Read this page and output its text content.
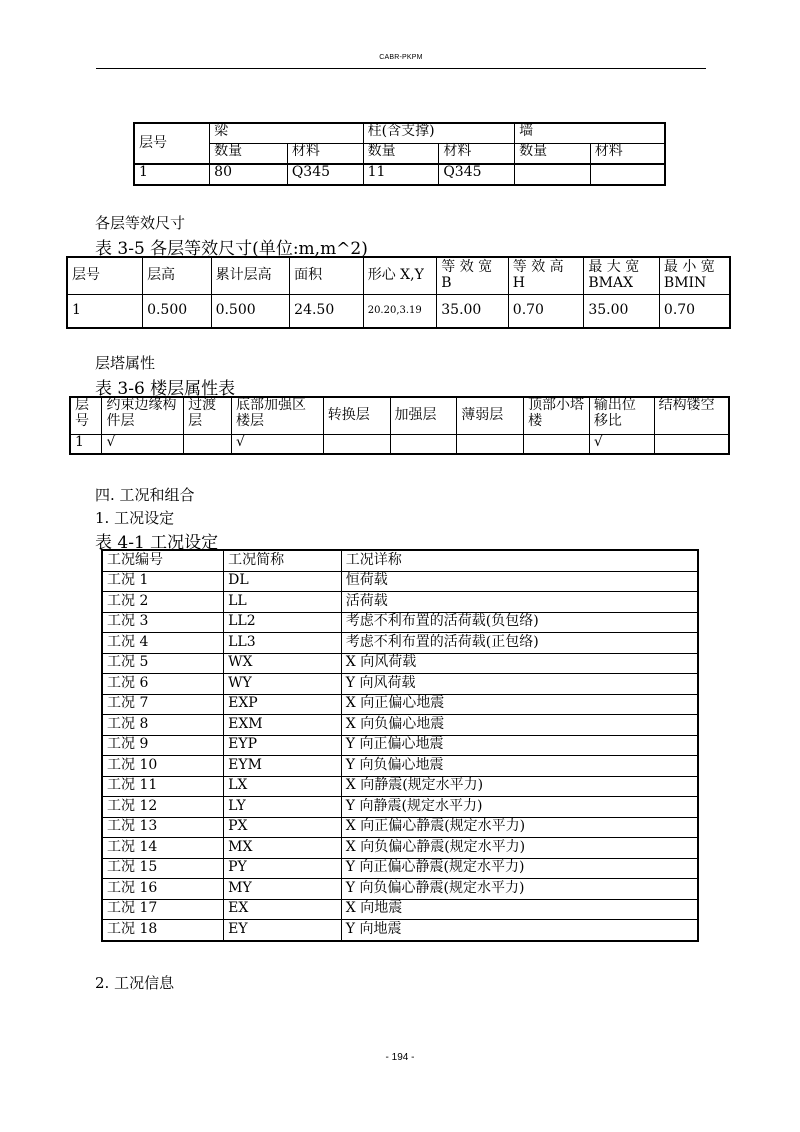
CABR-PKPM
层号	梁		柱(含支撑)		墙	
	数量	材料	数量	材料	数量	材料
1	80	Q345	11	Q345		
各层等效尺寸
表 3-5 各层等效尺寸(单位:m,m^2)
层号	层高	累计层高	面积	形心 X,Y	等 效 宽 B	等 效 高 H	最 大 宽 BMAX	最 小 宽 BMIN
1	0.500	0.500	24.50	20.20,3.19	35.00	0.70	35.00	0.70
层塔属性
表 3-6 楼层属性表
层号	约束边缘构件层	过渡层	底部加强区楼层	转换层	加强层	薄弱层	顶部小塔楼	输出位移比	结构镂空
1	√		√					√	
四. 工况和组合
1. 工况设定
表 4-1 工况设定
工况编号	工况简称	工况详称
工况 1	DL	恒荷载
工况 2	LL	活荷载
工况 3	LL2	考虑不利布置的活荷载(负包络)
工况 4	LL3	考虑不利布置的活荷载(正包络)
工况 5	WX	X 向风荷载
工况 6	WY	Y 向风荷载
工况 7	EXP	X 向正偏心地震
工况 8	EXM	X 向负偏心地震
工况 9	EYP	Y 向正偏心地震
工况 10	EYM	Y 向负偏心地震
工况 11	LX	X 向静震(规定水平力)
工况 12	LY	Y 向静震(规定水平力)
工况 13	PX	X 向正偏心静震(规定水平力)
工况 14	MX	X 向负偏心静震(规定水平力)
工况 15	PY	Y 向正偏心静震(规定水平力)
工况 16	MY	Y 向负偏心静震(规定水平力)
工况 17	EX	X 向地震
工况 18	EY	Y 向地震
2. 工况信息
- 194 -
